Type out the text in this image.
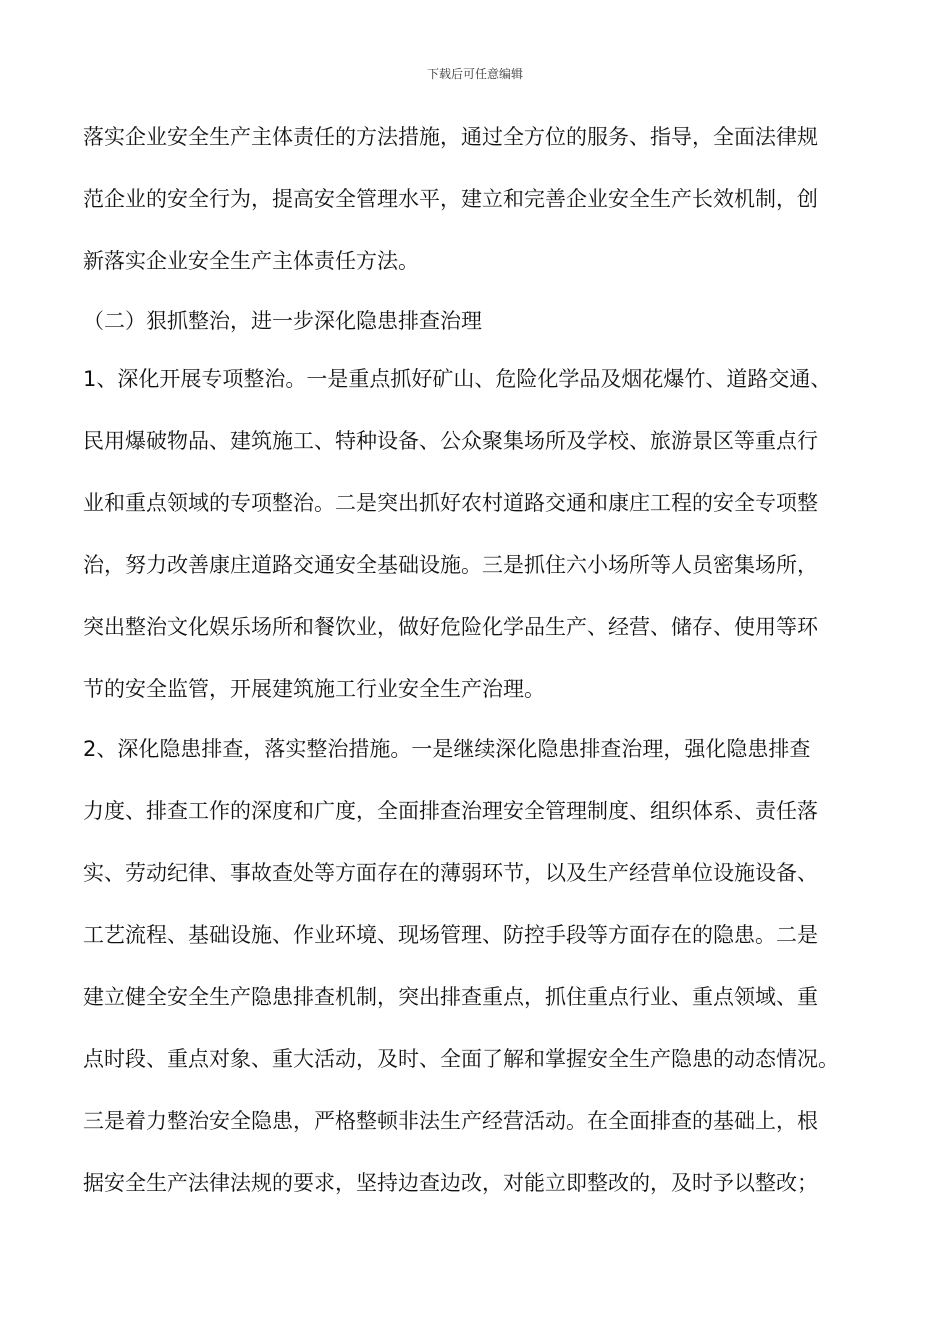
下载后可任意编辑
落实企业安全生产主体责任的方法措施，通过全方位的服务、指导，全面法律规
范企业的安全行为，提高安全管理水平，建立和完善企业安全生产长效机制，创
新落实企业安全生产主体责任方法。
（二）狠抓整治，进一步深化隐患排查治理
1、深化开展专项整治。一是重点抓好矿山、危险化学品及烟花爆竹、道路交通、
民用爆破物品、建筑施工、特种设备、公众聚集场所及学校、旅游景区等重点行
业和重点领域的专项整治。二是突出抓好农村道路交通和康庄工程的安全专项整
治，努力改善康庄道路交通安全基础设施。三是抓住六小场所等人员密集场所，
突出整治文化娱乐场所和餐饮业，做好危险化学品生产、经营、储存、使用等环
节的安全监管，开展建筑施工行业安全生产治理。
2、深化隐患排查，落实整治措施。一是继续深化隐患排查治理，强化隐患排查
力度、排查工作的深度和广度，全面排查治理安全管理制度、组织体系、责任落
实、劳动纪律、事故查处等方面存在的薄弱环节，以及生产经营单位设施设备、
工艺流程、基础设施、作业环境、现场管理、防控手段等方面存在的隐患。二是
建立健全安全生产隐患排查机制，突出排查重点，抓住重点行业、重点领域、重
点时段、重点对象、重大活动，及时、全面了解和掌握安全生产隐患的动态情况。
三是着力整治安全隐患，严格整顿非法生产经营活动。在全面排查的基础上，根
据安全生产法律法规的要求，坚持边查边改，对能立即整改的，及时予以整改；
